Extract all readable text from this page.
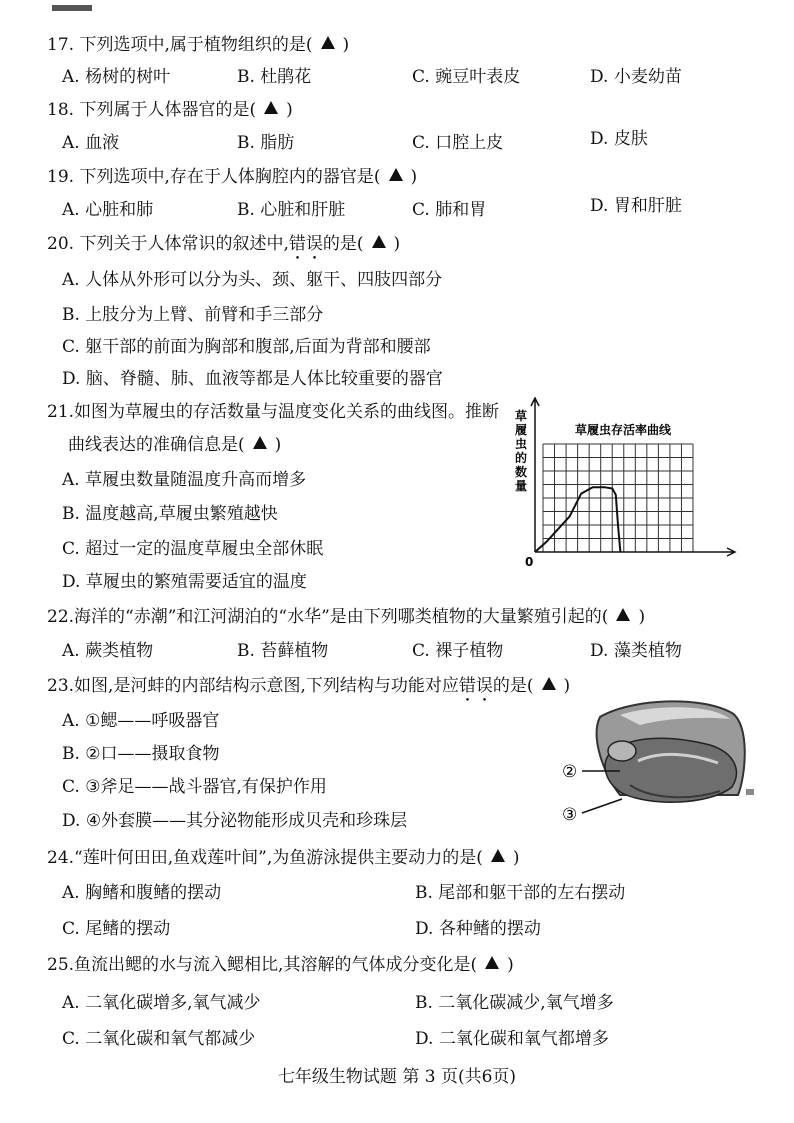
17. 下列选项中,属于植物组织的是( )
A. 杨树的树叶	B. 杜鹃花	C. 豌豆叶表皮	D. 小麦幼苗
18. 下列属于人体器官的是( )
A. 血液	B. 脂肪	C. 口腔上皮	D. 皮肤
19. 下列选项中,存在于人体胸腔内的器官是( )
A. 心脏和肺	B. 心脏和肝脏	C. 肺和胃	D. 胃和肝脏
20. 下列关于人体常识的叙述中,错误的是( )
A. 人体从外形可以分为头、颈、躯干、四肢四部分
B. 上肢分为上臂、前臂和手三部分
C. 躯干部的前面为胸部和腹部,后面为背部和腰部
D. 脑、脊髓、肺、血液等都是人体比较重要的器官
21.如图为草履虫的存活数量与温度变化关系的曲线图。推断
曲线表达的准确信息是( )
A. 草履虫数量随温度升高而增多
B. 温度越高,草履虫繁殖越快
C. 超过一定的温度草履虫全部休眠
D. 草履虫的繁殖需要适宜的温度
草履虫存活率曲线
草履虫的数量
0
22.海洋的“赤潮”和江河湖泊的“水华”是由下列哪类植物的大量繁殖引起的( )
A. 蕨类植物	B. 苔藓植物	C. 裸子植物	D. 藻类植物
23.如图,是河蚌的内部结构示意图,下列结构与功能对应错误的是( )
A. ①鳃——呼吸器官
B. ②口——摄取食物
C. ③斧足——战斗器官,有保护作用
D. ④外套膜——其分泌物能形成贝壳和珍珠层
②
③
24.“莲叶何田田,鱼戏莲叶间”,为鱼游泳提供主要动力的是( )
A. 胸鳍和腹鳍的摆动	B. 尾部和躯干部的左右摆动
C. 尾鳍的摆动	D. 各种鳍的摆动
25.鱼流出鳃的水与流入鳃相比,其溶解的气体成分变化是( )
A. 二氧化碳增多,氧气减少	B. 二氧化碳减少,氧气增多
C. 二氧化碳和氧气都减少	D. 二氧化碳和氧气都增多
七年级生物试题 第 3 页(共6页)
